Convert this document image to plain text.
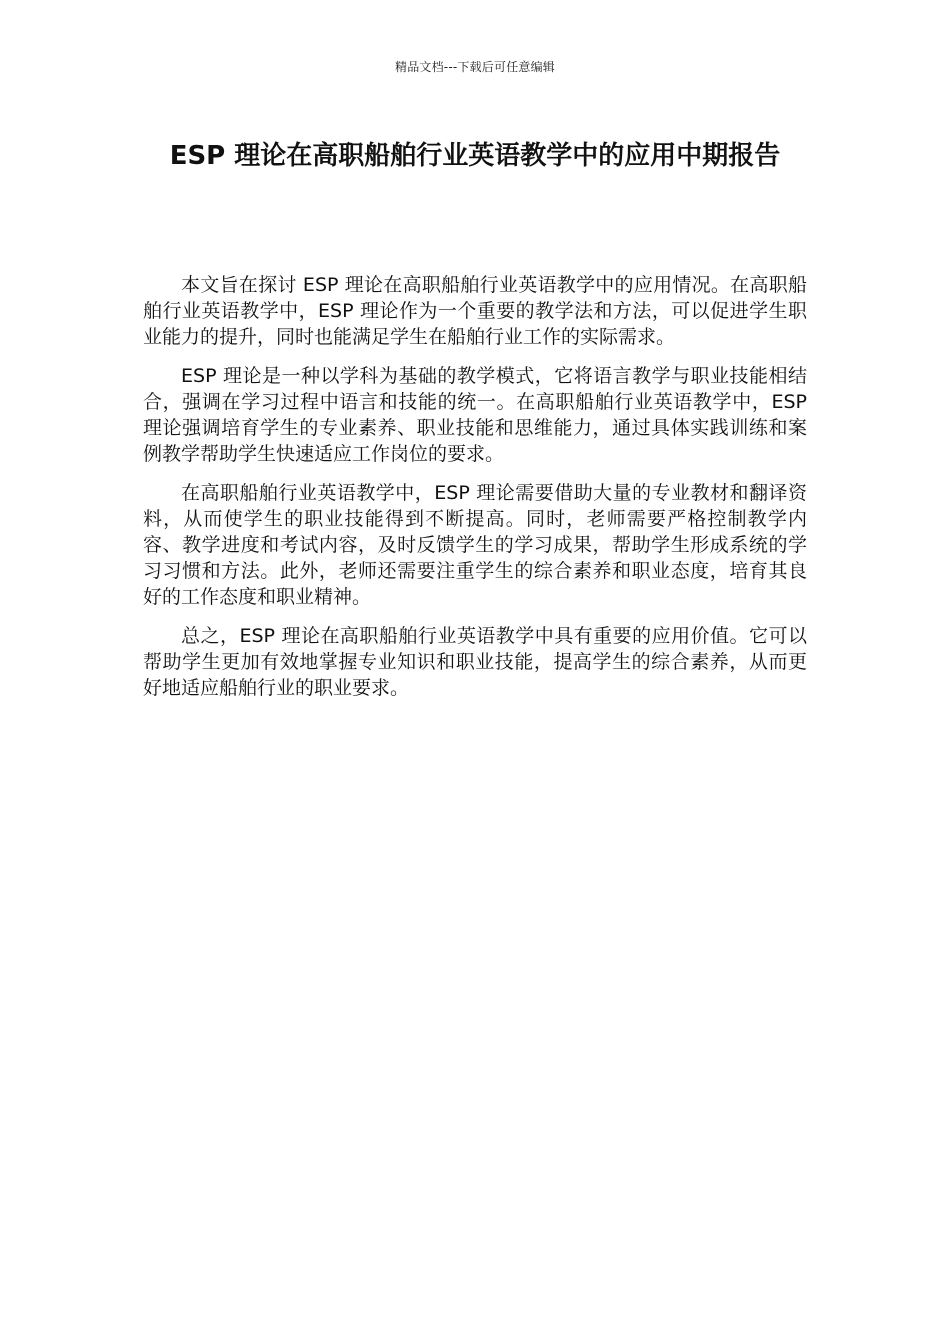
精品文档---下载后可任意编辑
ESP 理论在高职船舶行业英语教学中的应用中期报告

本文旨在探讨 ESP 理论在高职船舶行业英语教学中的应用情况。在高职船舶行业英语教学中，ESP 理论作为一个重要的教学法和方法，可以促进学生职业能力的提升，同时也能满足学生在船舶行业工作的实际需求。

ESP 理论是一种以学科为基础的教学模式，它将语言教学与职业技能相结合，强调在学习过程中语言和技能的统一。在高职船舶行业英语教学中，ESP 理论强调培育学生的专业素养、职业技能和思维能力，通过具体实践训练和案例教学帮助学生快速适应工作岗位的要求。

在高职船舶行业英语教学中，ESP 理论需要借助大量的专业教材和翻译资料，从而使学生的职业技能得到不断提高。同时，老师需要严格控制教学内容、教学进度和考试内容，及时反馈学生的学习成果，帮助学生形成系统的学习习惯和方法。此外，老师还需要注重学生的综合素养和职业态度，培育其良好的工作态度和职业精神。

总之，ESP 理论在高职船舶行业英语教学中具有重要的应用价值。它可以帮助学生更加有效地掌握专业知识和职业技能，提高学生的综合素养，从而更好地适应船舶行业的职业要求。
